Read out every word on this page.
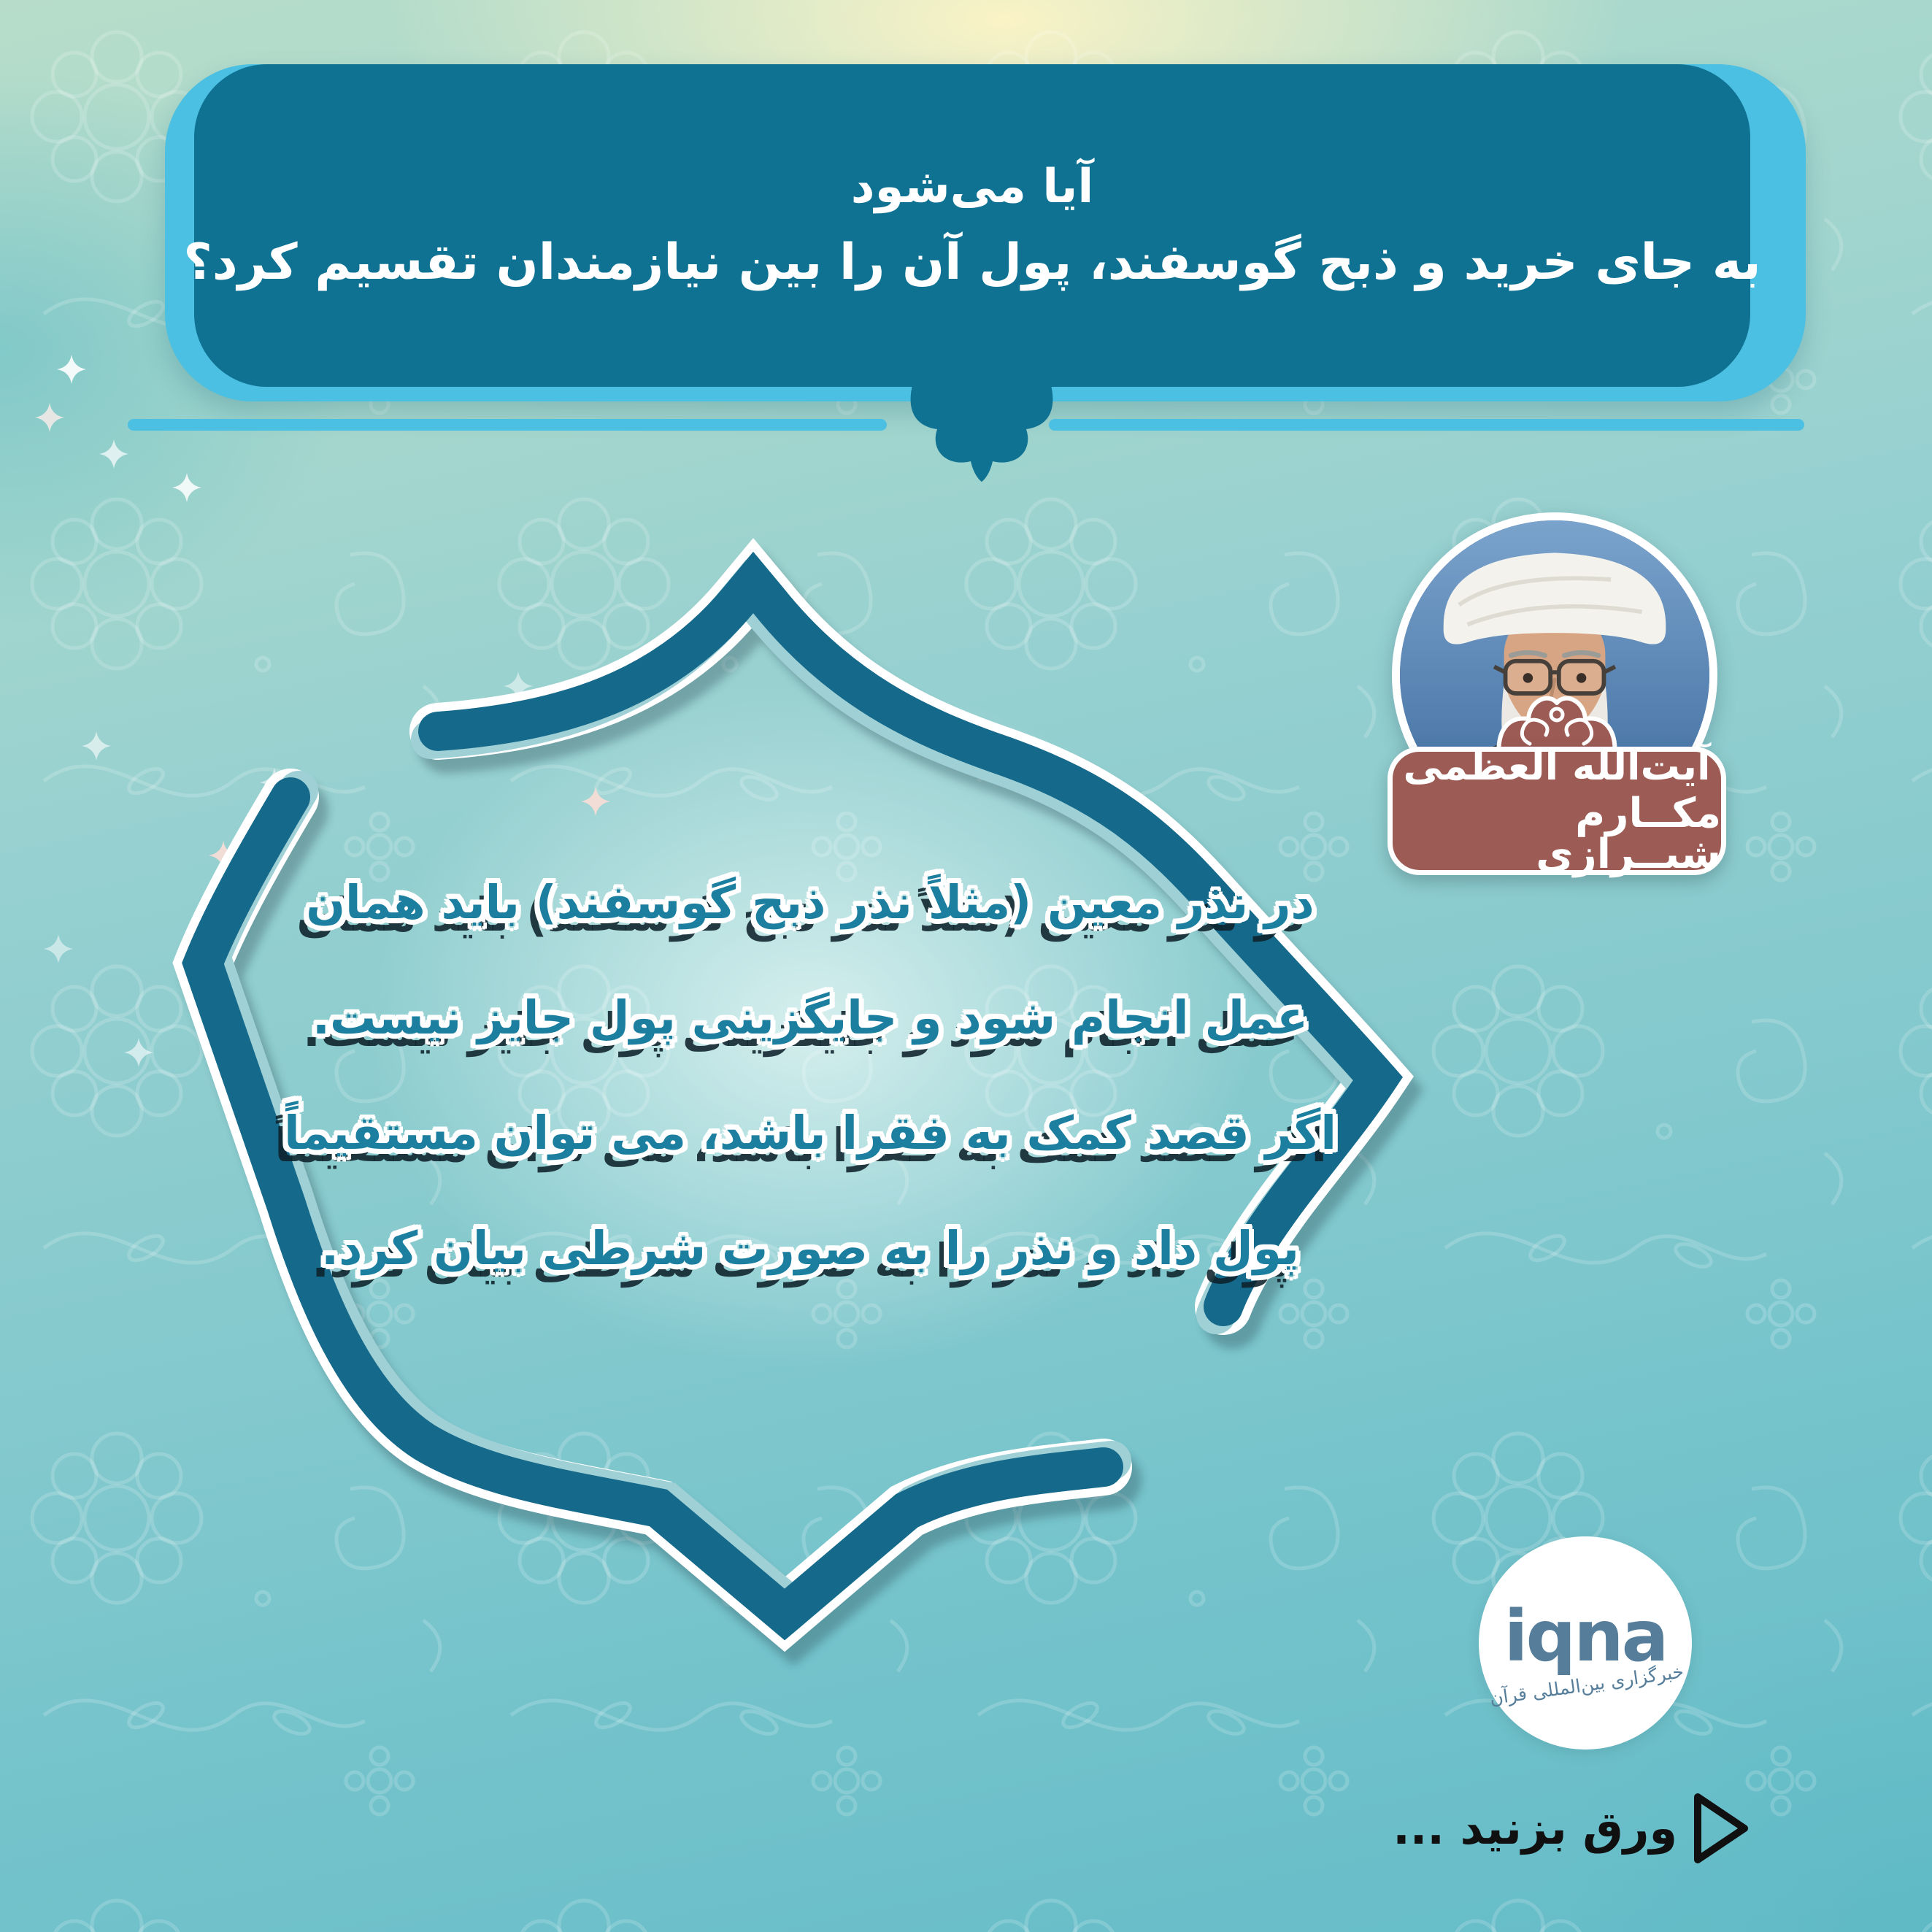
آیا می‌شود
به جای خرید و ذبح گوسفند، پول آن را بین نیازمندان تقسیم کرد؟
در نذر معین (مثلاً نذر ذبح گوسفند) باید همان
عمل انجام شود و جایگزینی پول جایز نیست.
اگر قصد کمک به فقرا باشد، می توان مستقیماً
پول داد و نذر را به صورت شرطی بیان کرد.
آیت‌الله العظمی
مکــارم شیــرازی
iqna
خبرگزاری بین‌المللی قرآن
ورق بزنید ...
